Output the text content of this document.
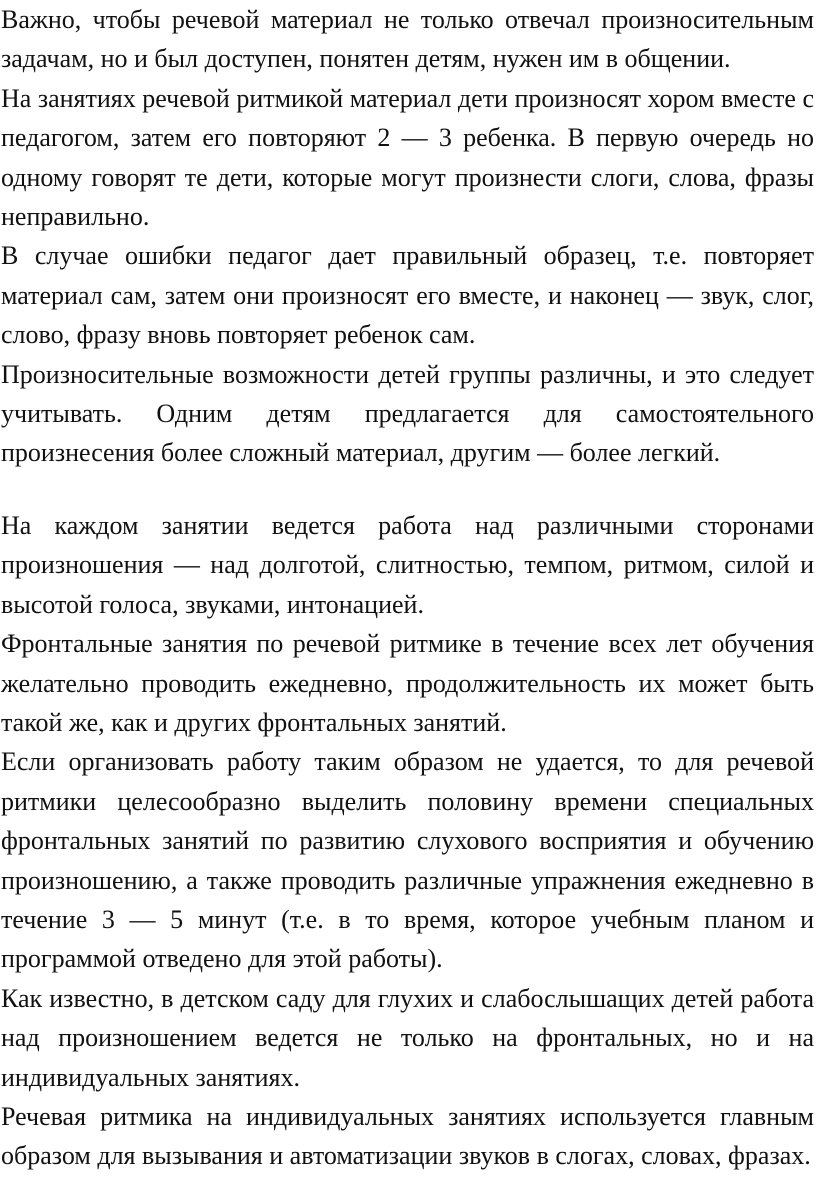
Важно, чтобы речевой материал не только отвечал произносительным задачам, но и был доступен, понятен детям, нужен им в общении.

На занятиях речевой ритмикой материал дети произносят хором вместе с педагогом, затем его повторяют 2 — 3 ребенка. В первую очередь но одному говорят те дети, которые могут произнести слоги, слова, фразы неправильно.

В случае ошибки педагог дает правильный образец, т.е. повторяет материал сам, затем они произносят его вместе, и наконец — звук, слог, слово, фразу вновь повторяет ребенок сам.

Произносительные возможности детей группы различны, и это следует учитывать. Одним детям предлагается для самостоятельного произнесения более сложный материал, другим — более легкий.

На каждом занятии ведется работа над различными сторонами произношения — над долготой, слитностью, темпом, ритмом, силой и высотой голоса, звуками, интонацией.

Фронтальные занятия по речевой ритмике в течение всех лет обучения желательно проводить ежедневно, продолжительность их может быть такой же, как и других фронтальных занятий.

Если организовать работу таким образом не удается, то для речевой ритмики целесообразно выделить половину времени специальных фронтальных занятий по развитию слухового восприятия и обучению произношению, а также проводить различные упражнения ежедневно в течение 3 — 5 минут (т.е. в то время, которое учебным планом и программой отведено для этой работы).

Как известно, в детском саду для глухих и слабослышащих детей работа над произношением ведется не только на фронтальных, но и на индивидуальных занятиях.

Речевая ритмика на индивидуальных занятиях используется главным образом для вызывания и автоматизации звуков в слогах, словах, фразах.
